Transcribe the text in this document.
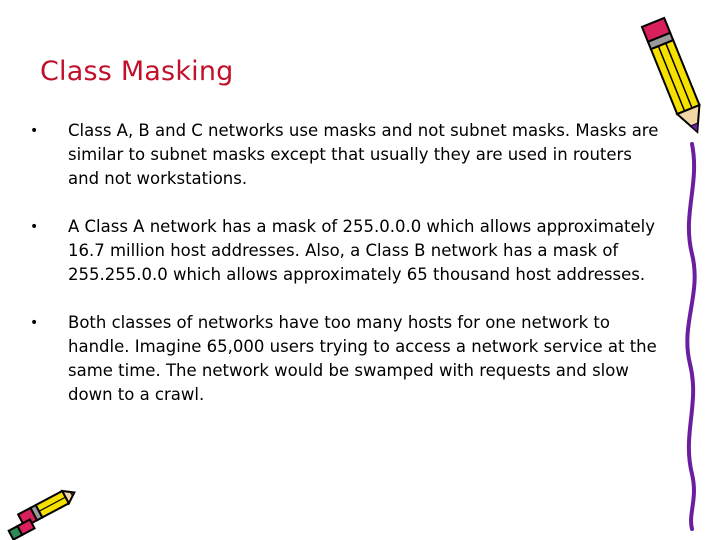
Class Masking
• Class A, B and C networks use masks and not subnet masks. Masks are similar to subnet masks except that usually they are used in routers and not workstations.
• A Class A network has a mask of 255.0.0.0 which allows approximately 16.7 million host addresses. Also, a Class B network has a mask of 255.255.0.0 which allows approximately 65 thousand host addresses.
• Both classes of networks have too many hosts for one network to handle. Imagine 65,000 users trying to access a network service at the same time. The network would be swamped with requests and slow down to a crawl.
